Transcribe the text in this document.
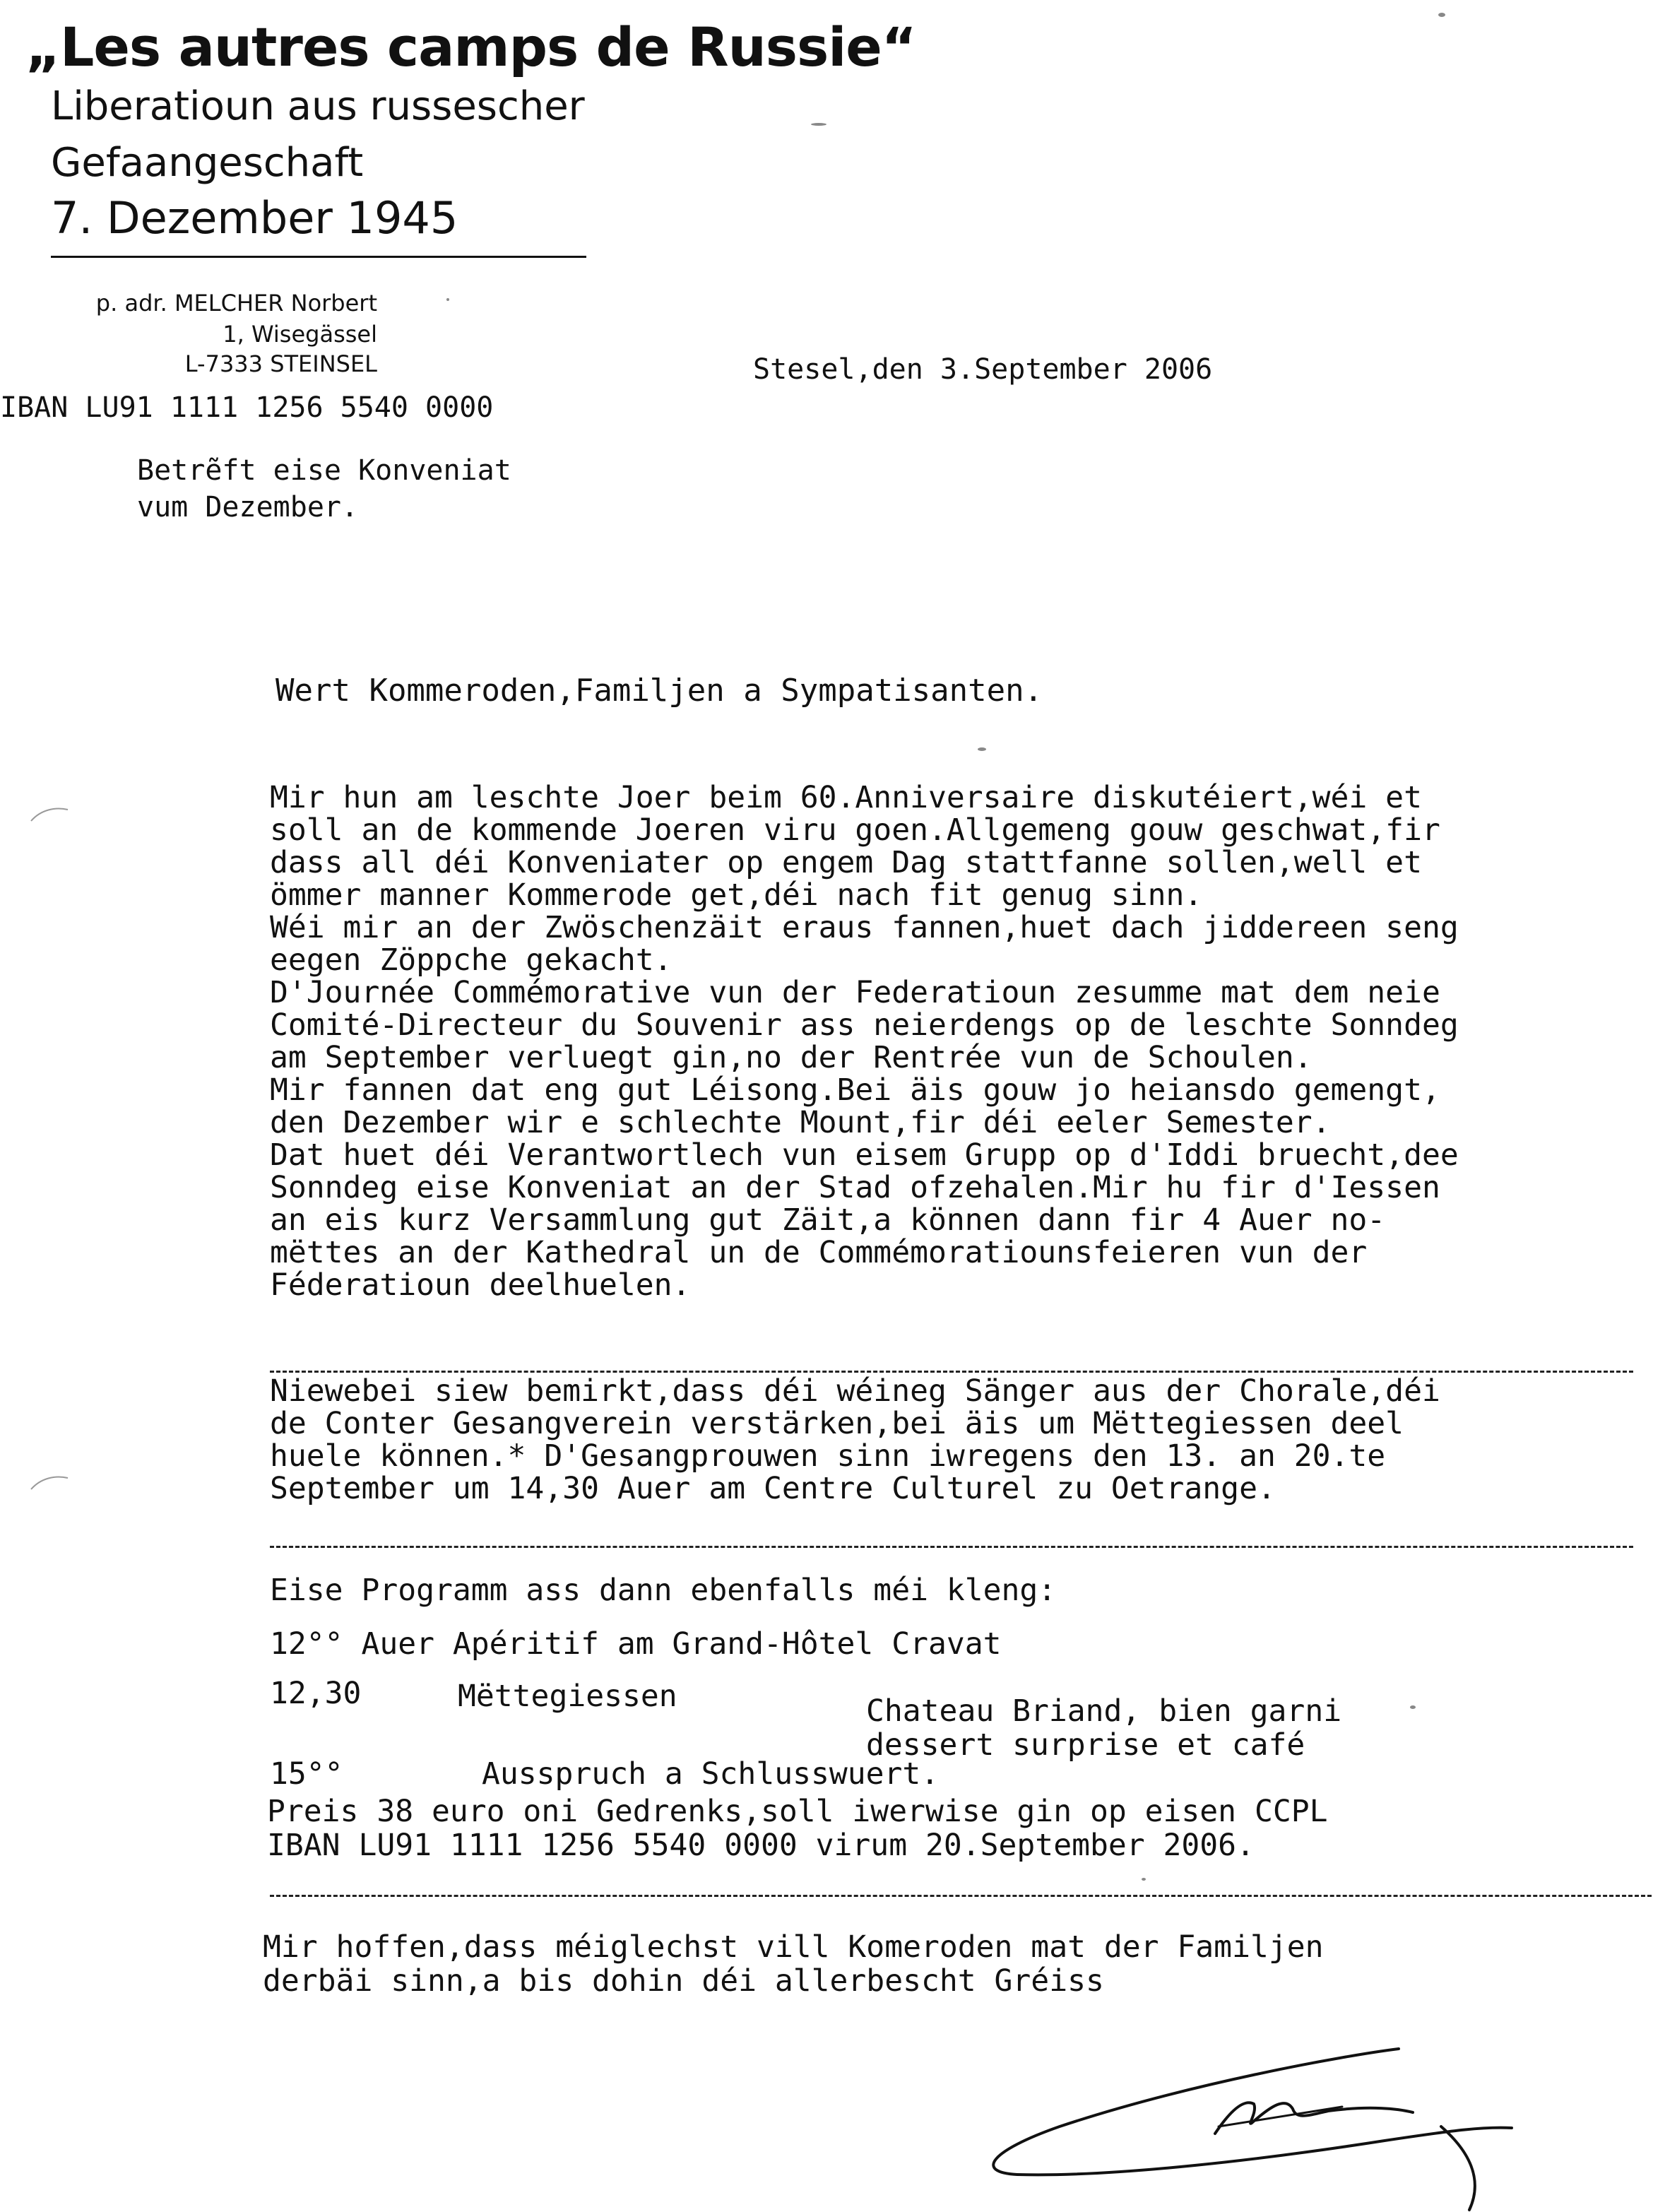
„Les autres camps de Russie“
Liberatioun aus russescher
Gefaangeschaft
7. Dezember 1945
p. adr. MELCHER Norbert
1, Wisegässel
L-7333 STEINSEL
IBAN LU91 1111 1256 5540 0000
Stesel,den 3.September 2006
Betrẽft eise Konveniat
vum Dezember.
Wert Kommeroden,Familjen a Sympatisanten.
Mir hun am leschte Joer beim 60.Anniversaire diskutéiert,wéi et
soll an de kommende Joeren viru goen.Allgemeng gouw geschwat,fir
dass all déi Konveniater op engem Dag stattfanne sollen,well et
ömmer manner Kommerode get,déi nach fit genug sinn.
Wéi mir an der Zwöschenzäit eraus fannen,huet dach jiddereen seng
eegen Zöppche gekacht.
D'Journée Commémorative vun der Federatioun zesumme mat dem neie
Comité-Directeur du Souvenir ass neierdengs op de leschte Sonndeg
am September verluegt gin,no der Rentrée vun de Schoulen.
Mir fannen dat eng gut Léisong.Bei äis gouw jo heiansdo gemengt,
den Dezember wir e schlechte Mount,fir déi eeler Semester.
Dat huet déi Verantwortlech vun eisem Grupp op d'Iddi bruecht,dee
Sonndeg eise Konveniat an der Stad ofzehalen.Mir hu fir d'Iessen
an eis kurz Versammlung gut Zäit,a können dann fir 4 Auer no-
mëttes an der Kathedral un de Commémoratiounsfeieren vun der
Féderatioun deelhuelen.
Niewebei siew bemirkt,dass déi wéineg Sänger aus der Chorale,déi
de Conter Gesangverein verstärken,bei äis um Mëttegiessen deel
huele können.* D'Gesangprouwen sinn iwregens den 13. an 20.te
September um 14,30 Auer am Centre Culturel zu Oetrange.
Eise Programm ass dann ebenfalls méi kleng:
12°° Auer Apéritif am Grand-Hôtel Cravat
12,30	Mëttegiessen	Chateau Briand, bien garni
dessert surprise et café
15°°	Ausspruch a Schlusswuert.
Preis 38 euro oni Gedrenks,soll iwerwise gin op eisen CCPL
IBAN LU91 1111 1256 5540 0000 virum 20.September 2006.
Mir hoffen,dass méiglechst vill Komeroden mat der Familjen
derbäi sinn,a bis dohin déi allerbescht Gréiss
